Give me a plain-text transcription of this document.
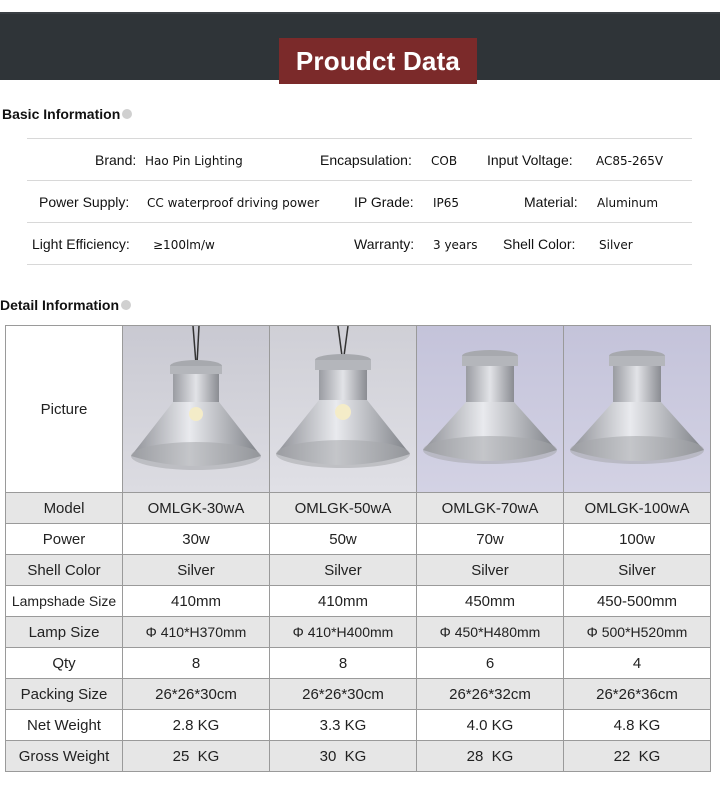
Proudct Data
Basic Information
Brand: Hao Pin Lighting	Encapsulation: COB Input Voltage: AC85-265V
Power Supply: CC waterproof driving power IP Grade: IP65	Material: Aluminum
Light Efficiency: ≥100lm/w	Warranty: 3 years Shell Color: Silver
Detail Information
Picture	

Model	OMLGK-30wA	OMLGK-50wA	OMLGK-70wA	OMLGK-100wA
Power	30w	50w	70w	100w
Shell Color	Silver	Silver	Silver	Silver
Lampshade Size	410mm	410mm	450mm	450-500mm
Lamp Size	Φ 410*H370mm	Φ 410*H400mm	Φ 450*H480mm	Φ 500*H520mm
Qty	8	8	6	4
Packing Size	26*26*30cm	26*26*30cm	26*26*32cm	26*26*36cm
Net Weight	2.8 KG	3.3 KG	4.0 KG	4.8 KG
Gross Weight	25  KG	30  KG	28  KG	22  KG
